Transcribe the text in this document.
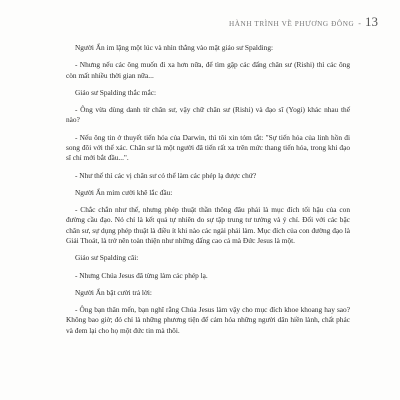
HÀNH TRÌNH VỀ PHƯƠNG ĐÔNG - 13

Người Ấn im lặng một lúc và nhìn thẳng vào mặt giáo sư Spalding:

- Nhưng nếu các ông muốn đi xa hơn nữa, để tìm gặp các đấng chân sư (Rishi) thì các ông còn mất nhiều thời gian nữa...

Giáo sư Spalding thắc mắc:

- Ông vừa dùng danh từ chân sư, vậy chữ chân sư (Rishi) và đạo sĩ (Yogi) khác nhau thế nào?

- Nếu ông tin ở thuyết tiến hóa của Darwin, thì tôi xin tóm tắt: "Sự tiến hóa của linh hồn đi song đôi với thể xác. Chân sư là một người đã tiến rất xa trên mức thang tiến hóa, trong khi đạo sĩ chỉ mới bắt đầu...".

- Như thế thì các vị chân sư có thể làm các phép lạ được chứ?

Người Ấn mỉm cười khẽ lắc đầu:

- Chắc chắn như thế, nhưng phép thuật thần thông đâu phải là mục đích tối hậu của con đường cầu đạo. Nó chỉ là kết quả tự nhiên do sự tập trung tư tưởng và ý chí. Đối với các bậc chân sư, sự dụng phép thuật là điều ít khi nào các ngài phải làm. Mục đích của con đường đạo là Giải Thoát, là trở nên toàn thiện như những đấng cao cả mà Đức Jesus là một.

Giáo sư Spalding cãi:

- Nhưng Chúa Jesus đã từng làm các phép lạ.

Người Ấn bật cười trả lời:

- Ông bạn thân mến, bạn nghĩ rằng Chúa Jesus làm vậy cho mục đích khoe khoang hay sao? Không bao giờ; đó chỉ là những phương tiện để cảm hóa những người dân hiền lành, chất phác và đem lại cho họ một đức tin mà thôi.
